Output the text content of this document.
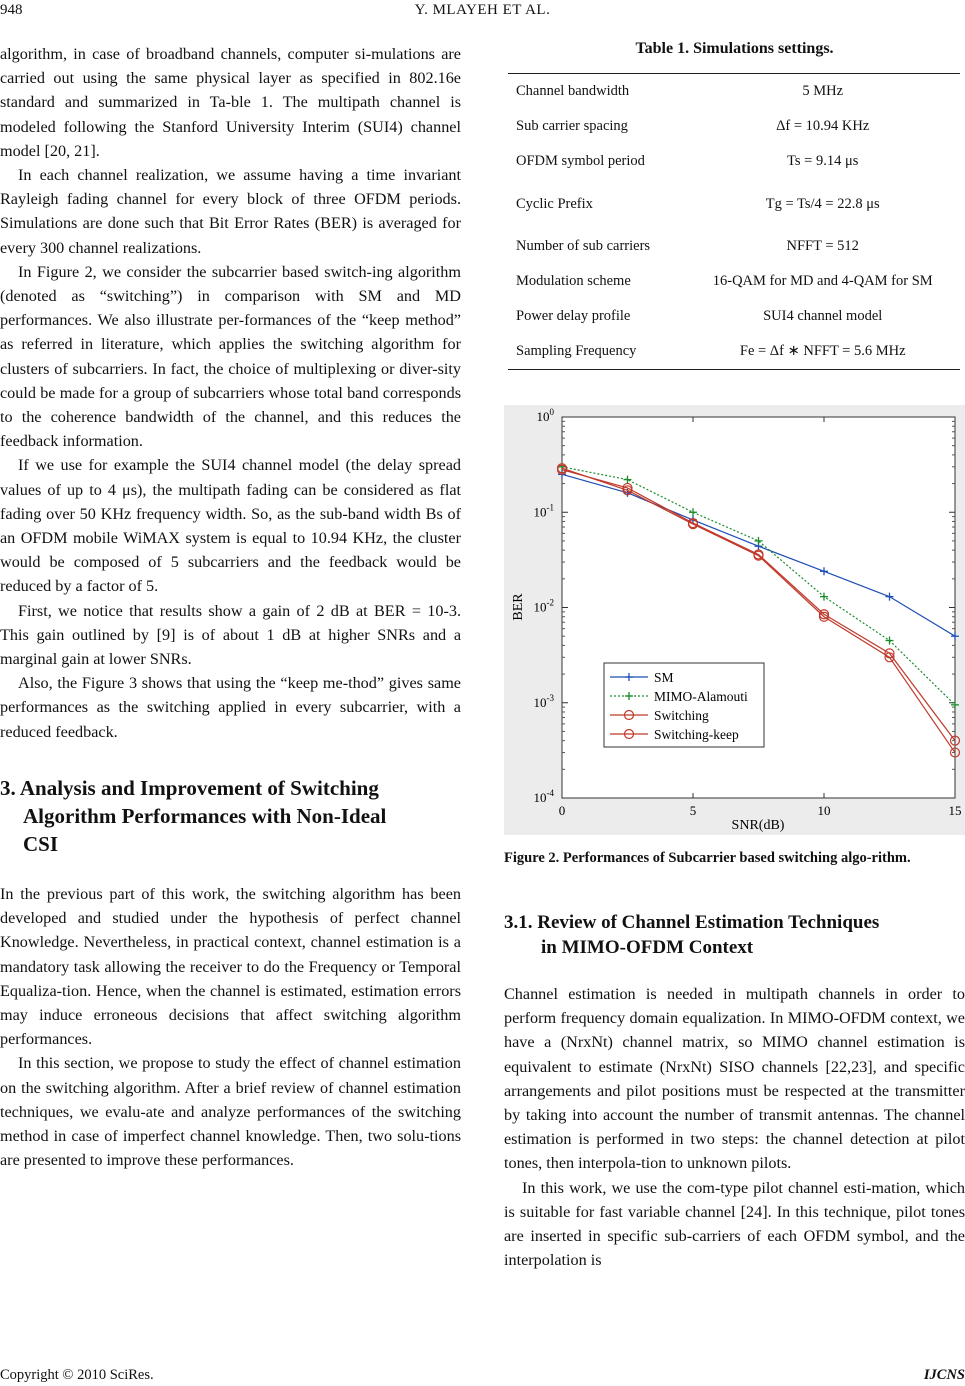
948	Y. MLAYEH ET AL.

algorithm, in case of broadband channels, computer si-mulations are carried out using the same physical layer as specified in 802.16e standard and summarized in Ta-ble 1. The multipath channel is modeled following the Stanford University Interim (SUI4) channel model [20, 21].

In each channel realization, we assume having a time invariant Rayleigh fading channel for every block of three OFDM periods. Simulations are done such that Bit Error Rates (BER) is averaged for every 300 channel realizations.

In Figure 2, we consider the subcarrier based switch-ing algorithm (denoted as “switching”) in comparison with SM and MD performances. We also illustrate per-formances of the “keep method” as referred in literature, which applies the switching algorithm for clusters of subcarriers. In fact, the choice of multiplexing or diver-sity could be made for a group of subcarriers whose total band corresponds to the coherence bandwidth of the channel, and this reduces the feedback information.

If we use for example the SUI4 channel model (the delay spread values of up to 4 μs), the multipath fading can be considered as flat fading over 50 KHz frequency width. So, as the sub-band width Bs of an OFDM mobile WiMAX system is equal to 10.94 KHz, the cluster would be composed of 5 subcarriers and the feedback would be reduced by a factor of 5.

First, we notice that results show a gain of 2 dB at BER = 10-3. This gain outlined by [9] is of about 1 dB at higher SNRs and a marginal gain at lower SNRs.

Also, the Figure 3 shows that using the “keep me-thod” gives same performances as the switching applied in every subcarrier, with a reduced feedback.

3. Analysis and Improvement of Switching
Algorithm Performances with Non-Ideal
CSI

In the previous part of this work, the switching algorithm has been developed and studied under the hypothesis of perfect channel Knowledge. Nevertheless, in practical context, channel estimation is a mandatory task allowing the receiver to do the Frequency or Temporal Equaliza-tion. Hence, when the channel is estimated, estimation errors may induce erroneous decisions that affect switching algorithm performances.

In this section, we propose to study the effect of channel estimation on the switching algorithm. After a brief review of channel estimation techniques, we evalu-ate and analyze performances of the switching method in case of imperfect channel knowledge. Then, two solu-tions are presented to improve these performances.

Table 1. Simulations settings.
Channel bandwidth	5 MHz
Sub carrier spacing	Δf = 10.94 KHz
OFDM symbol period	Ts = 9.14 μs
Cyclic Prefix	Tg = Ts/4 = 22.8 μs
Number of sub carriers	NFFT = 512
Modulation scheme	16-QAM for MD and 4-QAM for SM
Power delay profile	SUI4 channel model
Sampling Frequency	Fe = Δf ∗ NFFT = 5.6 MHz
0	5	10	15
$10^0$
$10^{-1}$
$10^{-2}$
$10^{-3}$
$10^{-4}$
SM
MIMO-Alamouti
Switching
Switching-keep
SNR(dB)
BER
Figure 2. Performances of Subcarrier based switching algo-rithm.
3.1. Review of Channel Estimation Techniques
in MIMO-OFDM Context

Channel estimation is needed in multipath channels in order to perform frequency domain equalization. In MIMO-OFDM context, we have a (NrxNt) channel matrix, so MIMO channel estimation is equivalent to estimate (NrxNt) SISO channels [22,23], and specific arrangements and pilot positions must be respected at the transmitter by taking into account the number of transmit antennas. The channel estimation is performed in two steps: the channel detection at pilot tones, then interpola-tion to unknown pilots.

In this work, we use the com-type pilot channel esti-mation, which is suitable for fast variable channel [24]. In this technique, pilot tones are inserted in specific sub-carriers of each OFDM symbol, and the interpolation is

Copyright © 2010 SciRes.	IJCNS
